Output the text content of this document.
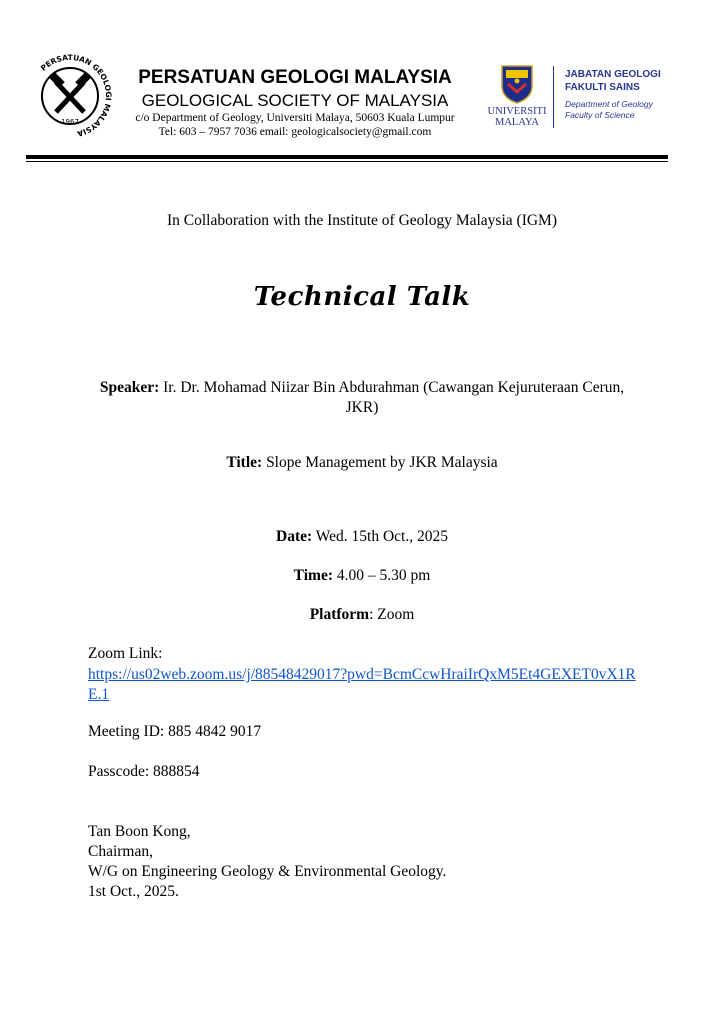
PERSATUAN GEOLOGI MALAYSIA
1967
PERSATUAN GEOLOGI MALAYSIA
GEOLOGICAL SOCIETY OF MALAYSIA
c/o Department of Geology, Universiti Malaya, 50603 Kuala Lumpur
Tel: 603 – 7957 7036 email: geologicalsociety@gmail.com
UNIVERSITI
MALAYA
JABATAN GEOLOGI
FAKULTI SAINS
Department of Geology
Faculty of Science
In Collaboration with the Institute of Geology Malaysia (IGM)
Technical Talk
Speaker: Ir. Dr. Mohamad Niizar Bin Abdurahman (Cawangan Kejuruteraan Cerun, JKR)
Title: Slope Management by JKR Malaysia
Date: Wed. 15th Oct., 2025
Time: 4.00 – 5.30 pm
Platform: Zoom
Zoom Link:
https://us02web.zoom.us/j/88548429017?pwd=BcmCcwHraiIrQxM5Et4GEXET0vX1RE.1
Meeting ID: 885 4842 9017
Passcode: 888854
Tan Boon Kong,
Chairman,
W/G on Engineering Geology & Environmental Geology.
1st Oct., 2025.
